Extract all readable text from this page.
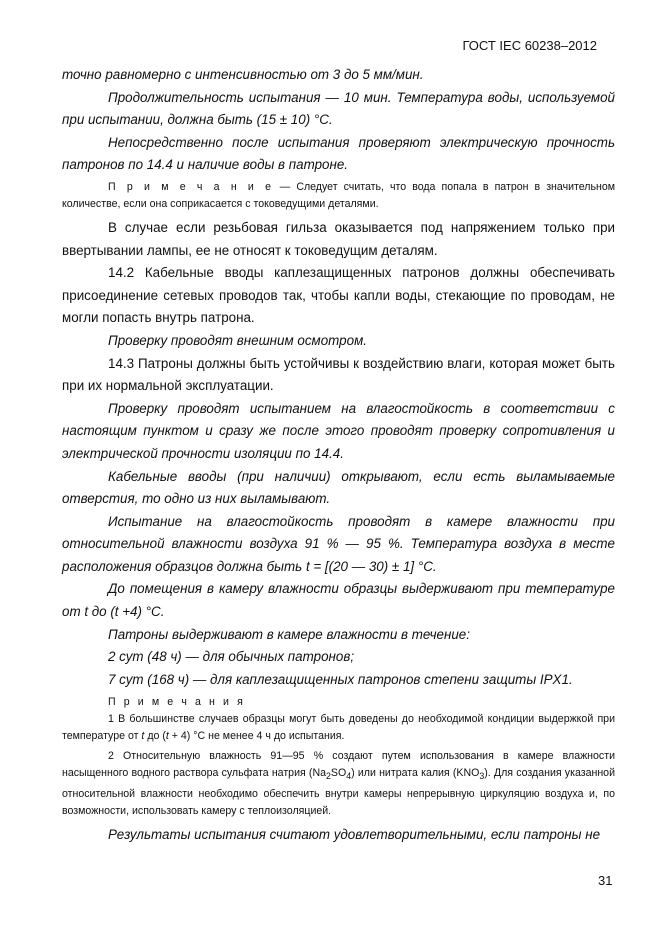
ГОСТ IEC 60238–2012

точно равномерно с интенсивностью от 3 до 5 мм/мин.

Продолжительность испытания — 10 мин. Температура воды, используемой при испытании, должна быть (15 ± 10) °С.

Непосредственно после испытания проверяют электрическую прочность патронов по 14.4 и наличие воды в патроне.

П р и м е ч а н и е — Следует считать, что вода попала в патрон в значительном количестве, если она соприкасается с токоведущими деталями.

В случае если резьбовая гильза оказывается под напряжением только при ввертывании лампы, ее не относят к токоведущим деталям.

14.2 Кабельные вводы каплезащищенных патронов должны обеспечивать присоединение сетевых проводов так, чтобы капли воды, стекающие по проводам, не могли попасть внутрь патрона.

Проверку проводят внешним осмотром.

14.3 Патроны должны быть устойчивы к воздействию влаги, которая может быть при их нормальной эксплуатации.

Проверку проводят испытанием на влагостойкость в соответствии с настоящим пунктом и сразу же после этого проводят проверку сопротивления и электрической прочности изоляции по 14.4.

Кабельные вводы (при наличии) открывают, если есть выламываемые отверстия, то одно из них выламывают.

Испытание на влагостойкость проводят в камере влажности при относительной влажности воздуха 91 % — 95 %. Температура воздуха в месте расположения образцов должна быть t = [(20 — 30) ± 1] °С.

До помещения в камеру влажности образцы выдерживают при температуре от t до (t +4) °С.

Патроны выдерживают в камере влажности в течение:

2 сут (48 ч) — для обычных патронов;

7 сут (168 ч) — для каплезащищенных патронов степени защиты IPX1.

П р и м е ч а н и я

1 В большинстве случаев образцы могут быть доведены до необходимой кондиции выдержкой при температуре от t до (t + 4) °С не менее 4 ч до испытания.

2 Относительную влажность 91—95 % создают путем использования в камере влажности насыщенного водного раствора сульфата натрия $(Na_2SO_4)$ или нитрата калия $(KNO_3)$. Для создания указанной относительной влажности необходимо обеспечить внутри камеры непрерывную циркуляцию воздуха и, по возможности, использовать камеру с теплоизоляцией.

Результаты испытания считают удовлетворительными, если патроны не

31
